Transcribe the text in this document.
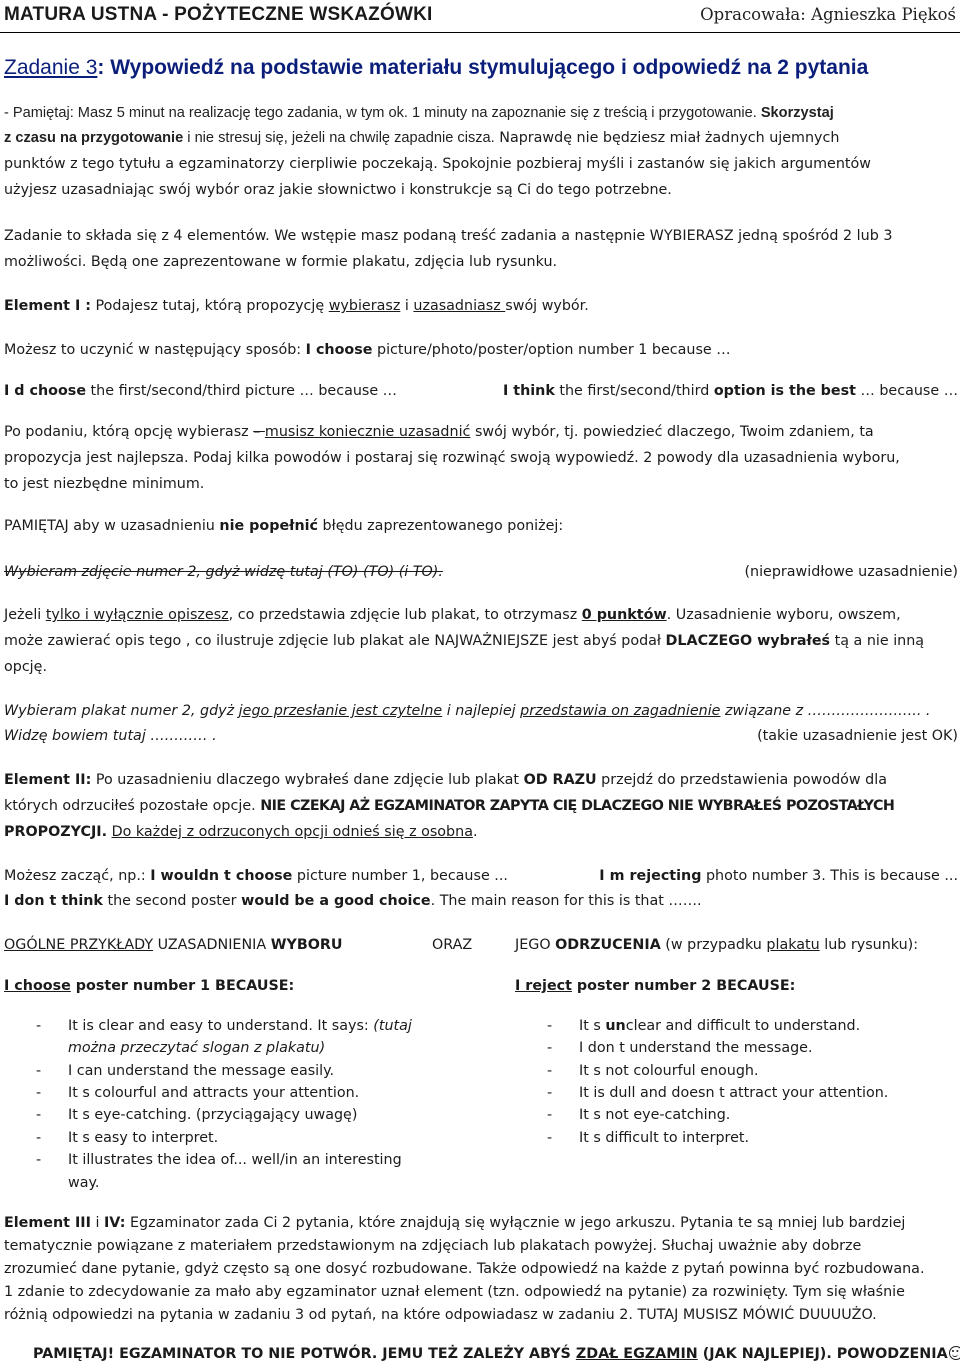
MATURA USTNA - POŻYTECZNE WSKAZÓWKI	Opracowała: Agnieszka Piękoś
Zadanie 3: Wypowiedź na podstawie materiału stymulującego i odpowiedź na 2 pytania
- Pamiętaj: Masz 5 minut na realizację tego zadania, w tym ok. 1 minuty na zapoznanie się z treścią i przygotowanie. Skorzystaj
z czasu na przygotowanie i nie stresuj się, jeżeli na chwilę zapadnie cisza. Naprawdę nie będziesz miał żadnych ujemnych
punktów z tego tytułu a egzaminatorzy cierpliwie poczekają. Spokojnie pozbieraj myśli i zastanów się jakich argumentów
użyjesz uzasadniając swój wybór oraz jakie słownictwo i konstrukcje są Ci do tego potrzebne.
Zadanie to składa się z 4 elementów. We wstępie masz podaną treść zadania a następnie WYBIERASZ jedną spośród 2 lub 3
możliwości. Będą one zaprezentowane w formie plakatu, zdjęcia lub rysunku.
Element I : Podajesz tutaj, którą propozycję wybierasz i uzasadniasz swój wybór.
Możesz to uczynić w następujący sposób: I choose picture/photo/poster/option number 1 because …
I d choose the first/second/third picture … because …	I think the first/second/third option is the best … because …
Po podaniu, którą opcję wybierasz – musisz koniecznie uzasadnić swój wybór, tj. powiedzieć dlaczego, Twoim zdaniem, ta
propozycja jest najlepsza. Podaj kilka powodów i postaraj się rozwinąć swoją wypowiedź. 2 powody dla uzasadnienia wyboru,
to jest niezbędne minimum.
PAMIĘTAJ aby w uzasadnieniu nie popełnić błędu zaprezentowanego poniżej:
Wybieram zdjęcie numer 2, gdyż widzę tutaj (TO) (TO) (i TO).	(nieprawidłowe uzasadnienie)
Jeżeli tylko i wyłącznie opiszesz, co przedstawia zdjęcie lub plakat, to otrzymasz 0 punktów. Uzasadnienie wyboru, owszem,
może zawierać opis tego , co ilustruje zdjęcie lub plakat ale NAJWAŻNIEJSZE jest abyś podał DLACZEGO wybrałeś tą a nie inną
opcję.
Wybieram plakat numer 2, gdyż jego przesłanie jest czytelne i najlepiej przedstawia on zagadnienie związane z ……………….….. .
Widzę bowiem tutaj ………… .	(takie uzasadnienie jest OK)
Element II: Po uzasadnieniu dlaczego wybrałeś dane zdjęcie lub plakat OD RAZU przejdź do przedstawienia powodów dla
których odrzuciłeś pozostałe opcje. NIE CZEKAJ AŻ EGZAMINATOR ZAPYTA CIĘ DLACZEGO NIE WYBRAŁEŚ POZOSTAŁYCH
PROPOZYCJI. Do każdej z odrzuconych opcji odnieś się z osobna.
Możesz zacząć, np.: I wouldn t choose picture number 1, because ...	I m rejecting photo number 3. This is because ...
I don t think the second poster would be a good choice. The main reason for this is that …….
OGÓLNE PRZYKŁADY UZASADNIENIA WYBORU	ORAZ	JEGO ODRZUCENIA (w przypadku plakatu lub rysunku):
I choose poster number 1 BECAUSE:	I reject poster number 2 BECAUSE:
- It is clear and easy to understand. It says: (tutaj
można przeczytać slogan z plakatu)
- I can understand the message easily.
- It s colourful and attracts your attention.
- It s eye-catching. (przyciągający uwagę)
- It s easy to interpret.
- It illustrates the idea of... well/in an interesting
way.
- It s unclear and difficult to understand.
- I don t understand the message.
- It s not colourful enough.
- It is dull and doesn t attract your attention.
- It s not eye-catching.
- It s difficult to interpret.
Element III i IV: Egzaminator zada Ci 2 pytania, które znajdują się wyłącznie w jego arkuszu. Pytania te są mniej lub bardziej
tematycznie powiązane z materiałem przedstawionym na zdjęciach lub plakatach powyżej. Słuchaj uważnie aby dobrze
zrozumieć dane pytanie, gdyż często są one dosyć rozbudowane. Także odpowiedź na każde z pytań powinna być rozbudowana.
1 zdanie to zdecydowanie za mało aby egzaminator uznał element (tzn. odpowiedź na pytanie) za rozwinięty. Tym się właśnie
różnią odpowiedzi na pytania w zadaniu 3 od pytań, na które odpowiadasz w zadaniu 2. TUTAJ MUSISZ MÓWIĆ DUUUUŻO.
PAMIĘTAJ! EGZAMINATOR TO NIE POTWÓR. JEMU TEŻ ZALEŻY ABYŚ ZDAŁ EGZAMIN (JAK NAJLEPIEJ). POWODZENIA
